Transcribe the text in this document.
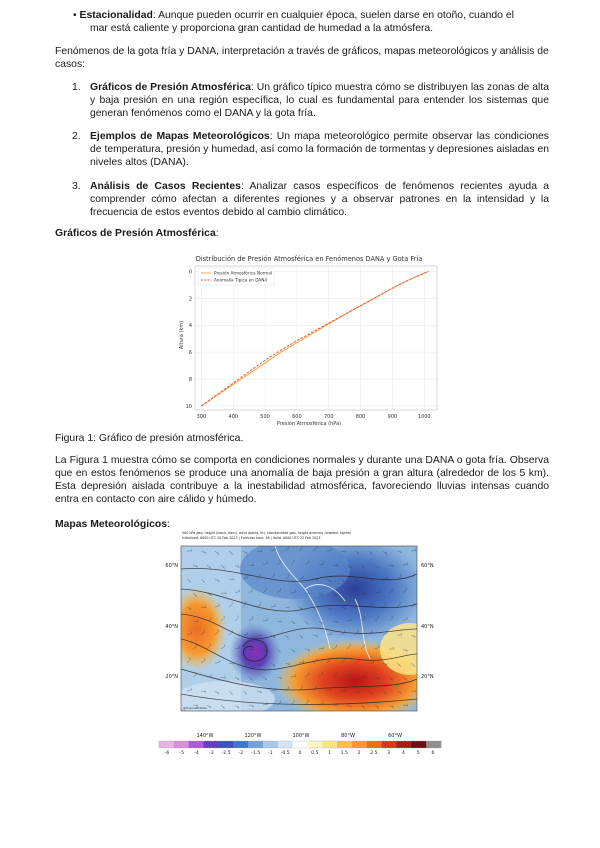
• Estacionalidad: Aunque pueden ocurrir en cualquier época, suelen darse en otoño, cuando el
mar está caliente y proporciona gran cantidad de humedad a la atmósfera.
Fenómenos de la gota fría y DANA, interpretación a través de gráficos, mapas meteorológicos y análisis de casos:
1. Gráficos de Presión Atmosférica: Un gráfico típico muestra cómo se distribuyen las zonas de alta y baja presión en una región específica, lo cual es fundamental para entender los sistemas que generan fenómenos como el DANA y la gota fría.
2. Ejemplos de Mapas Meteorológicos: Un mapa meteorológico permite observar las condiciones de temperatura, presión y humedad, así como la formación de tormentas y depresiones aisladas en niveles altos (DANA).
3. Análisis de Casos Recientes: Analizar casos específicos de fenómenos recientes ayuda a comprender cómo afectan a diferentes regiones y a observar patrones en la intensidad y la frecuencia de estos eventos debido al cambio climático.
Gráficos de Presión Atmosférica:
Distribución de Presión Atmosférica en Fenómenos DANA y Gota Fría
300	400	500	600	700	800	900	1000
0
2
4
6
8
10
Presión Atmosférica Normal
Anomalía Típica en DANA
Presión Atmosférica (hPa)
Altura (km)
Figura 1: Gráfico de presión atmosférica.
La Figura 1 muestra cómo se comporta en condiciones normales y durante una DANA o gota fría. Observa que en estos fenómenos se produce una anomalía de baja presión a gran altura (alrededor de los 5 km). Esta depresión aislada contribuye a la inestabilidad atmosférica, favoreciendo lluvias intensas cuando entra en contacto con aire cálido y húmedo.
Mapas Meteorológicos:
500 hPa geo. height (black, dam), wind (barbs, kt), standardized geo. height anomaly (shaded, sigma)
Initialized: 0000 UTC 20 Feb 2023 | Forecast hour: 48 | Valid: 0000 UTC 22 Feb 2023
60°N
40°N
20°N
60°N
40°N
20°N
140°W	120°W	100°W	80°W	60°W
@tropicaltidbits
-6 -5 -4 -3 -2.5 -2 -1.5 -1 -0.5 0 0.5 1 1.5 2 2.5 3	4	5	6
